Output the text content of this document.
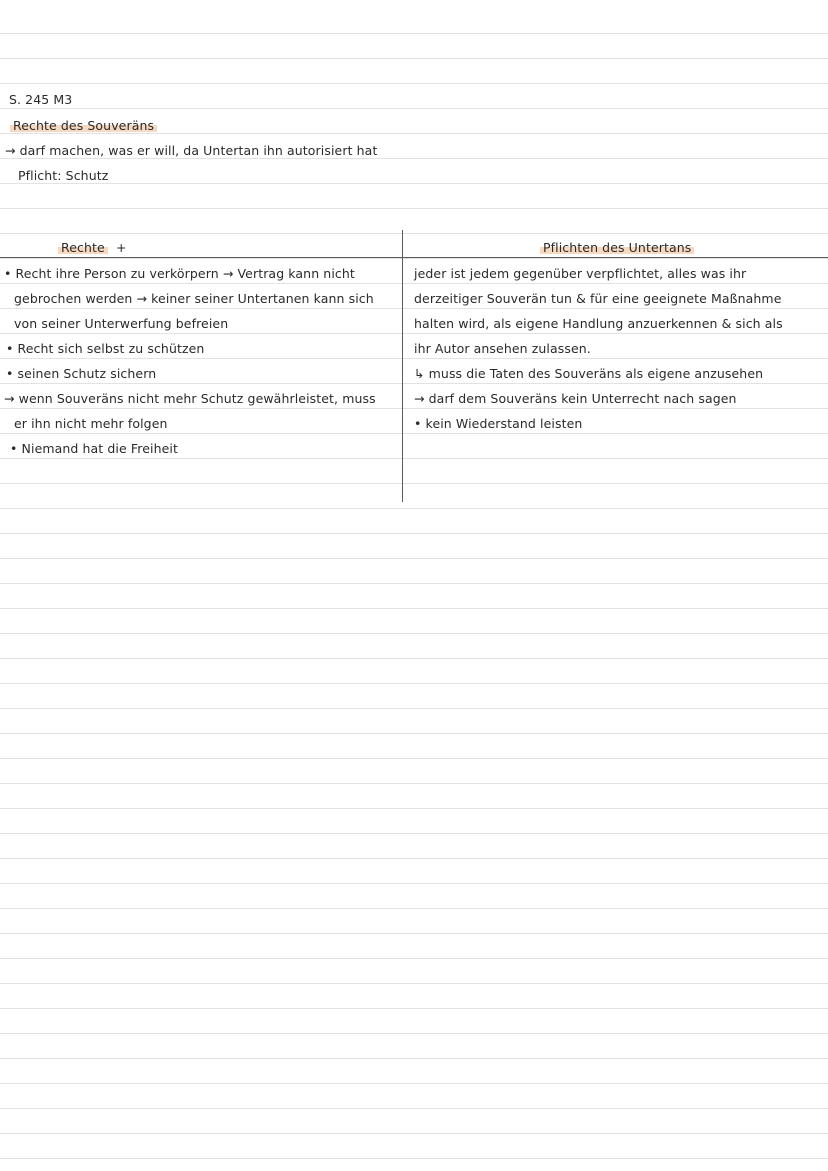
S. 245 M3
Rechte des Souveräns
→ darf machen, was er will, da Untertan ihn autorisiert hat
Pflicht: Schutz
Rechte +	Pflichten des Untertans
• Recht ihre Person zu verkörpern → Vertrag kann nicht
gebrochen werden → keiner seiner Untertanen kann sich
von seiner Unterwerfung befreien
• Recht sich selbst zu schützen
• seinen Schutz sichern
→ wenn Souveräns nicht mehr Schutz gewährleistet, muss
er ihn nicht mehr folgen
• Niemand hat die Freiheit
jeder ist jedem gegenüber verpflichtet, alles was ihr
derzeitiger Souverän tun & für eine geeignete Maßnahme
halten wird, als eigene Handlung anzuerkennen & sich als
ihr Autor ansehen zulassen.
↳ muss die Taten des Souveräns als eigene anzusehen
→ darf dem Souveräns kein Unterrecht nach sagen
• kein Wiederstand leisten
